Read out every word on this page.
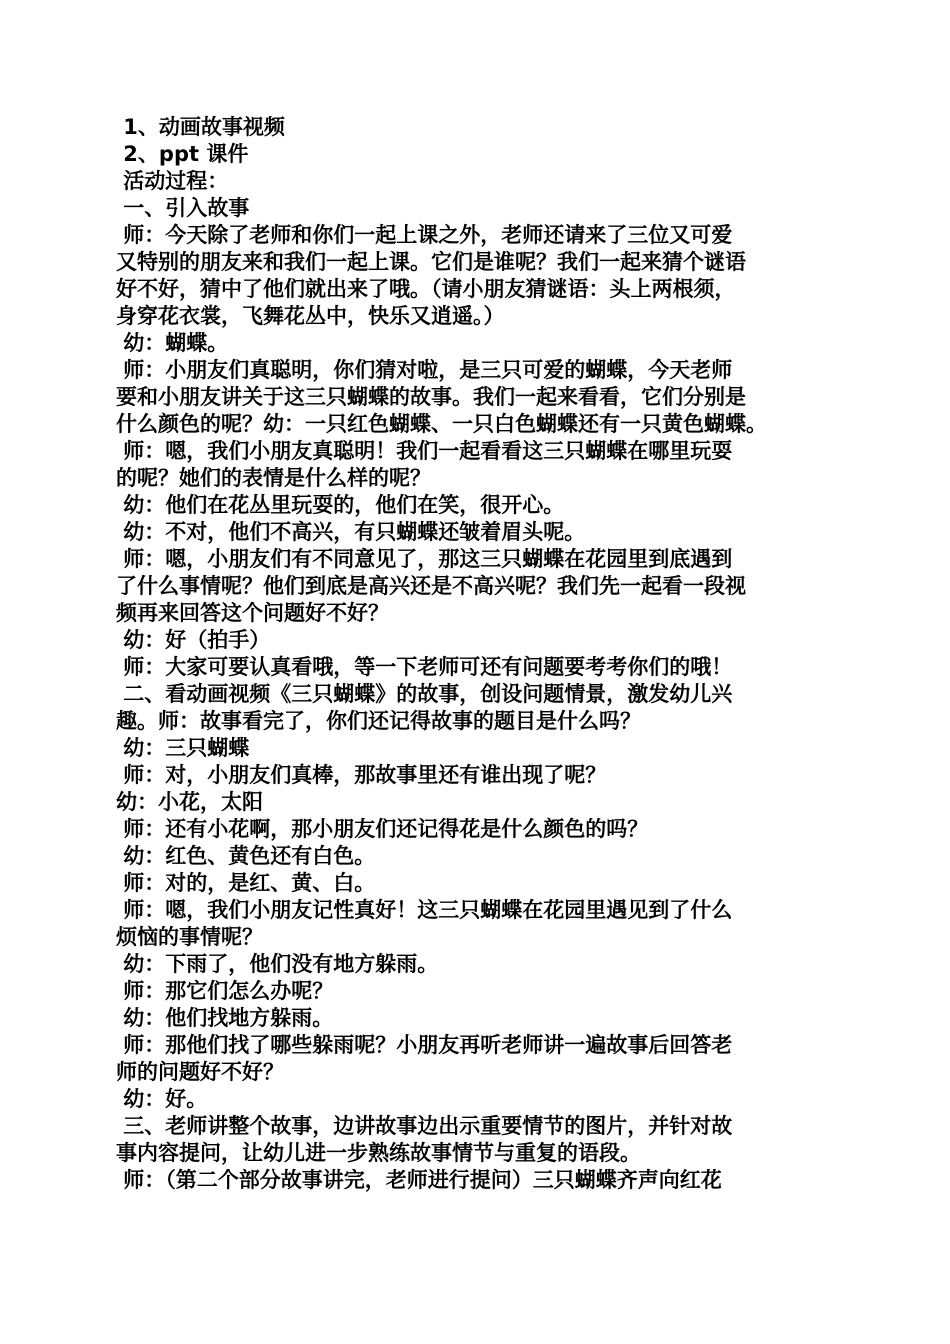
1、动画故事视频
2、ppt 课件
活动过程：
一、引入故事
师：今天除了老师和你们一起上课之外，老师还请来了三位又可爱
又特别的朋友来和我们一起上课。它们是谁呢？我们一起来猜个谜语
好不好，猜中了他们就出来了哦。（请小朋友猜谜语：头上两根须，
身穿花衣裳，飞舞花丛中，快乐又逍遥。）
幼：蝴蝶。
师：小朋友们真聪明，你们猜对啦，是三只可爱的蝴蝶，今天老师
要和小朋友讲关于这三只蝴蝶的故事。我们一起来看看，它们分别是
什么颜色的呢？幼：一只红色蝴蝶、一只白色蝴蝶还有一只黄色蝴蝶。
师：嗯，我们小朋友真聪明！我们一起看看这三只蝴蝶在哪里玩耍
的呢？她们的表情是什么样的呢？
幼：他们在花丛里玩耍的，他们在笑，很开心。
幼：不对，他们不高兴，有只蝴蝶还皱着眉头呢。
师：嗯，小朋友们有不同意见了，那这三只蝴蝶在花园里到底遇到
了什么事情呢？他们到底是高兴还是不高兴呢？我们先一起看一段视
频再来回答这个问题好不好？
幼：好（拍手）
师：大家可要认真看哦，等一下老师可还有问题要考考你们的哦！
二、看动画视频《三只蝴蝶》的故事，创设问题情景，激发幼儿兴
趣。师：故事看完了，你们还记得故事的题目是什么吗？
幼：三只蝴蝶
师：对，小朋友们真棒，那故事里还有谁出现了呢？
幼：小花，太阳
师：还有小花啊，那小朋友们还记得花是什么颜色的吗？
幼：红色、黄色还有白色。
师：对的，是红、黄、白。
师：嗯，我们小朋友记性真好！这三只蝴蝶在花园里遇见到了什么
烦恼的事情呢？
幼：下雨了，他们没有地方躲雨。
师：那它们怎么办呢？
幼：他们找地方躲雨。
师：那他们找了哪些躲雨呢？小朋友再听老师讲一遍故事后回答老
师的问题好不好？
幼：好。
三、老师讲整个故事，边讲故事边出示重要情节的图片，并针对故
事内容提问，让幼儿进一步熟练故事情节与重复的语段。
师：（第二个部分故事讲完，老师进行提问）三只蝴蝶齐声向红花
